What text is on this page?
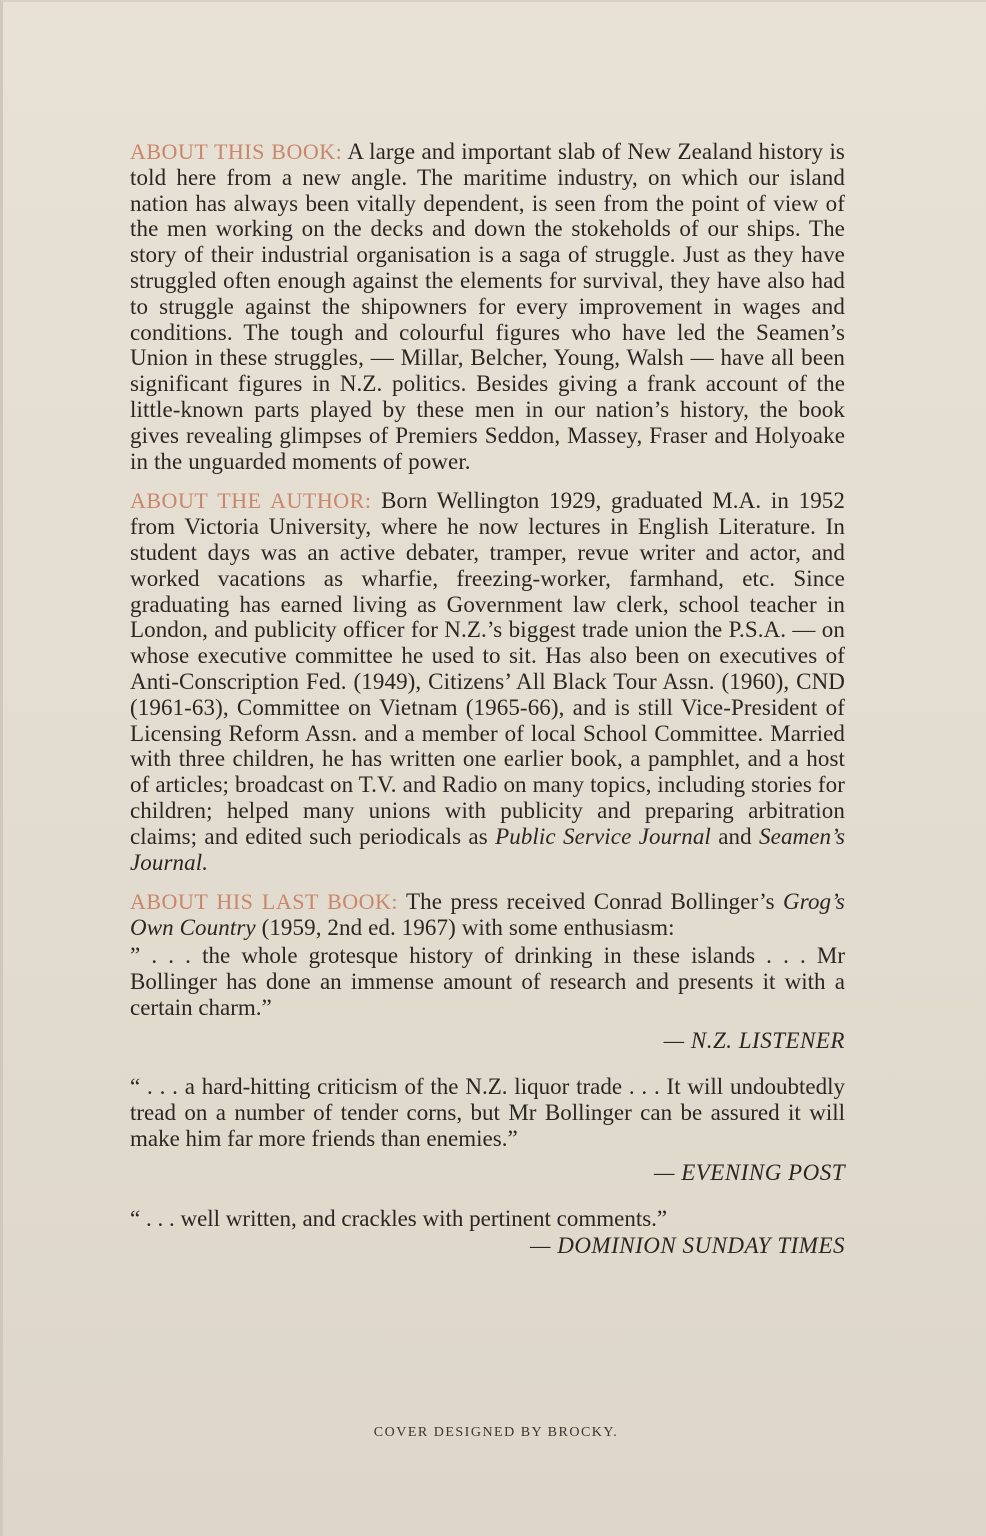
ABOUT THIS BOOK: A large and important slab of New Zealand history is told here from a new angle. The maritime industry, on which our island nation has always been vitally dependent, is seen from the point of view of the men working on the decks and down the stokeholds of our ships. The story of their industrial organisation is a saga of struggle. Just as they have struggled often enough against the elements for survival, they have also had to struggle against the shipowners for every improvement in wages and conditions. The tough and colourful figures who have led the Seamen’s Union in these struggles, — Millar, Belcher, Young, Walsh — have all been significant figures in N.Z. politics. Besides giving a frank account of the little-known parts played by these men in our nation’s history, the book gives revealing glimpses of Premiers Seddon, Massey, Fraser and Holyoake in the unguarded moments of power.

ABOUT THE AUTHOR: Born Wellington 1929, graduated M.A. in 1952 from Victoria University, where he now lectures in English Literature. In student days was an active debater, tramper, revue writer and actor, and worked vacations as wharfie, freezing-worker, farmhand, etc. Since graduating has earned living as Government law clerk, school teacher in London, and publicity officer for N.Z.’s biggest trade union the P.S.A. — on whose executive committee he used to sit. Has also been on executives of Anti-Conscription Fed. (1949), Citizens’ All Black Tour Assn. (1960), CND (1961-63), Committee on Vietnam (1965-66), and is still Vice-President of Licensing Reform Assn. and a member of local School Committee. Married with three children, he has written one earlier book, a pamphlet, and a host of articles; broadcast on T.V. and Radio on many topics, including stories for children; helped many unions with publicity and preparing arbitration claims; and edited such periodicals as Public Service Journal and Seamen’s Journal.

ABOUT HIS LAST BOOK: The press received Conrad Bollinger’s Grog’s Own Country (1959, 2nd ed. 1967) with some enthusiasm:

” . . . the whole grotesque history of drinking in these islands . . . Mr Bollinger has done an immense amount of research and presents it with a certain charm.”

— N.Z. LISTENER

“ . . . a hard-hitting criticism of the N.Z. liquor trade . . . It will undoubtedly tread on a number of tender corns, but Mr Bollinger can be assured it will make him far more friends than enemies.”

— EVENING POST

“ . . . well written, and crackles with pertinent comments.”

— DOMINION SUNDAY TIMES

COVER DESIGNED BY BROCKY.
